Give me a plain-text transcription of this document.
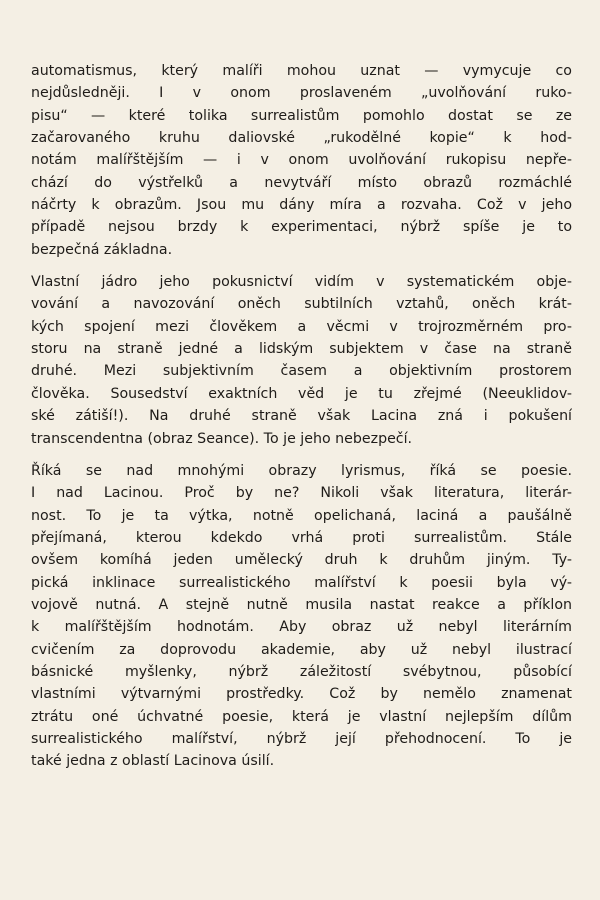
automatismus, který malíři mohou uznat — vymycuje co
nejdůsledněji. I v onom proslaveném „uvolňování ruko-
pisu“ — které tolika surrealistům pomohlo dostat se ze
začarovaného kruhu daliovské „rukodělné kopie“ k hod-
notám malířštějším — i v onom uvolňování rukopisu nepře-
chází do výstřelků a nevytváří místo obrazů rozmáchlé
náčrty k obrazům. Jsou mu dány míra a rozvaha. Což v jeho
případě nejsou brzdy k experimentaci, nýbrž spíše je to
bezpečná základna.
Vlastní jádro jeho pokusnictví vidím v systematickém obje-
vování a navozování oněch subtilních vztahů, oněch krát-
kých spojení mezi člověkem a věcmi v trojrozměrném pro-
storu na straně jedné a lidským subjektem v čase na straně
druhé. Mezi subjektivním časem a objektivním prostorem
člověka. Sousedství exaktních věd je tu zřejmé (Neeuklidov-
ské zátiší!). Na druhé straně však Lacina zná i pokušení
transcendentna (obraz Seance). To je jeho nebezpečí.
Říká se nad mnohými obrazy lyrismus, říká se poesie.
I nad Lacinou. Proč by ne? Nikoli však literatura, literár-
nost. To je ta výtka, notně opelichaná, laciná a paušálně
přejímaná, kterou kdekdo vrhá proti surrealistům. Stále
ovšem komíhá jeden umělecký druh k druhům jiným. Ty-
pická inklinace surrealistického malířství k poesii byla vý-
vojově nutná. A stejně nutně musila nastat reakce a příklon
k malířštějším hodnotám. Aby obraz už nebyl literárním
cvičením za doprovodu akademie, aby už nebyl ilustrací
básnické myšlenky, nýbrž záležitostí svébytnou, působící
vlastními výtvarnými prostředky. Což by nemělo znamenat
ztrátu oné úchvatné poesie, která je vlastní nejlepším dílům
surrealistického malířství, nýbrž její přehodnocení. To je
také jedna z oblastí Lacinova úsilí.
